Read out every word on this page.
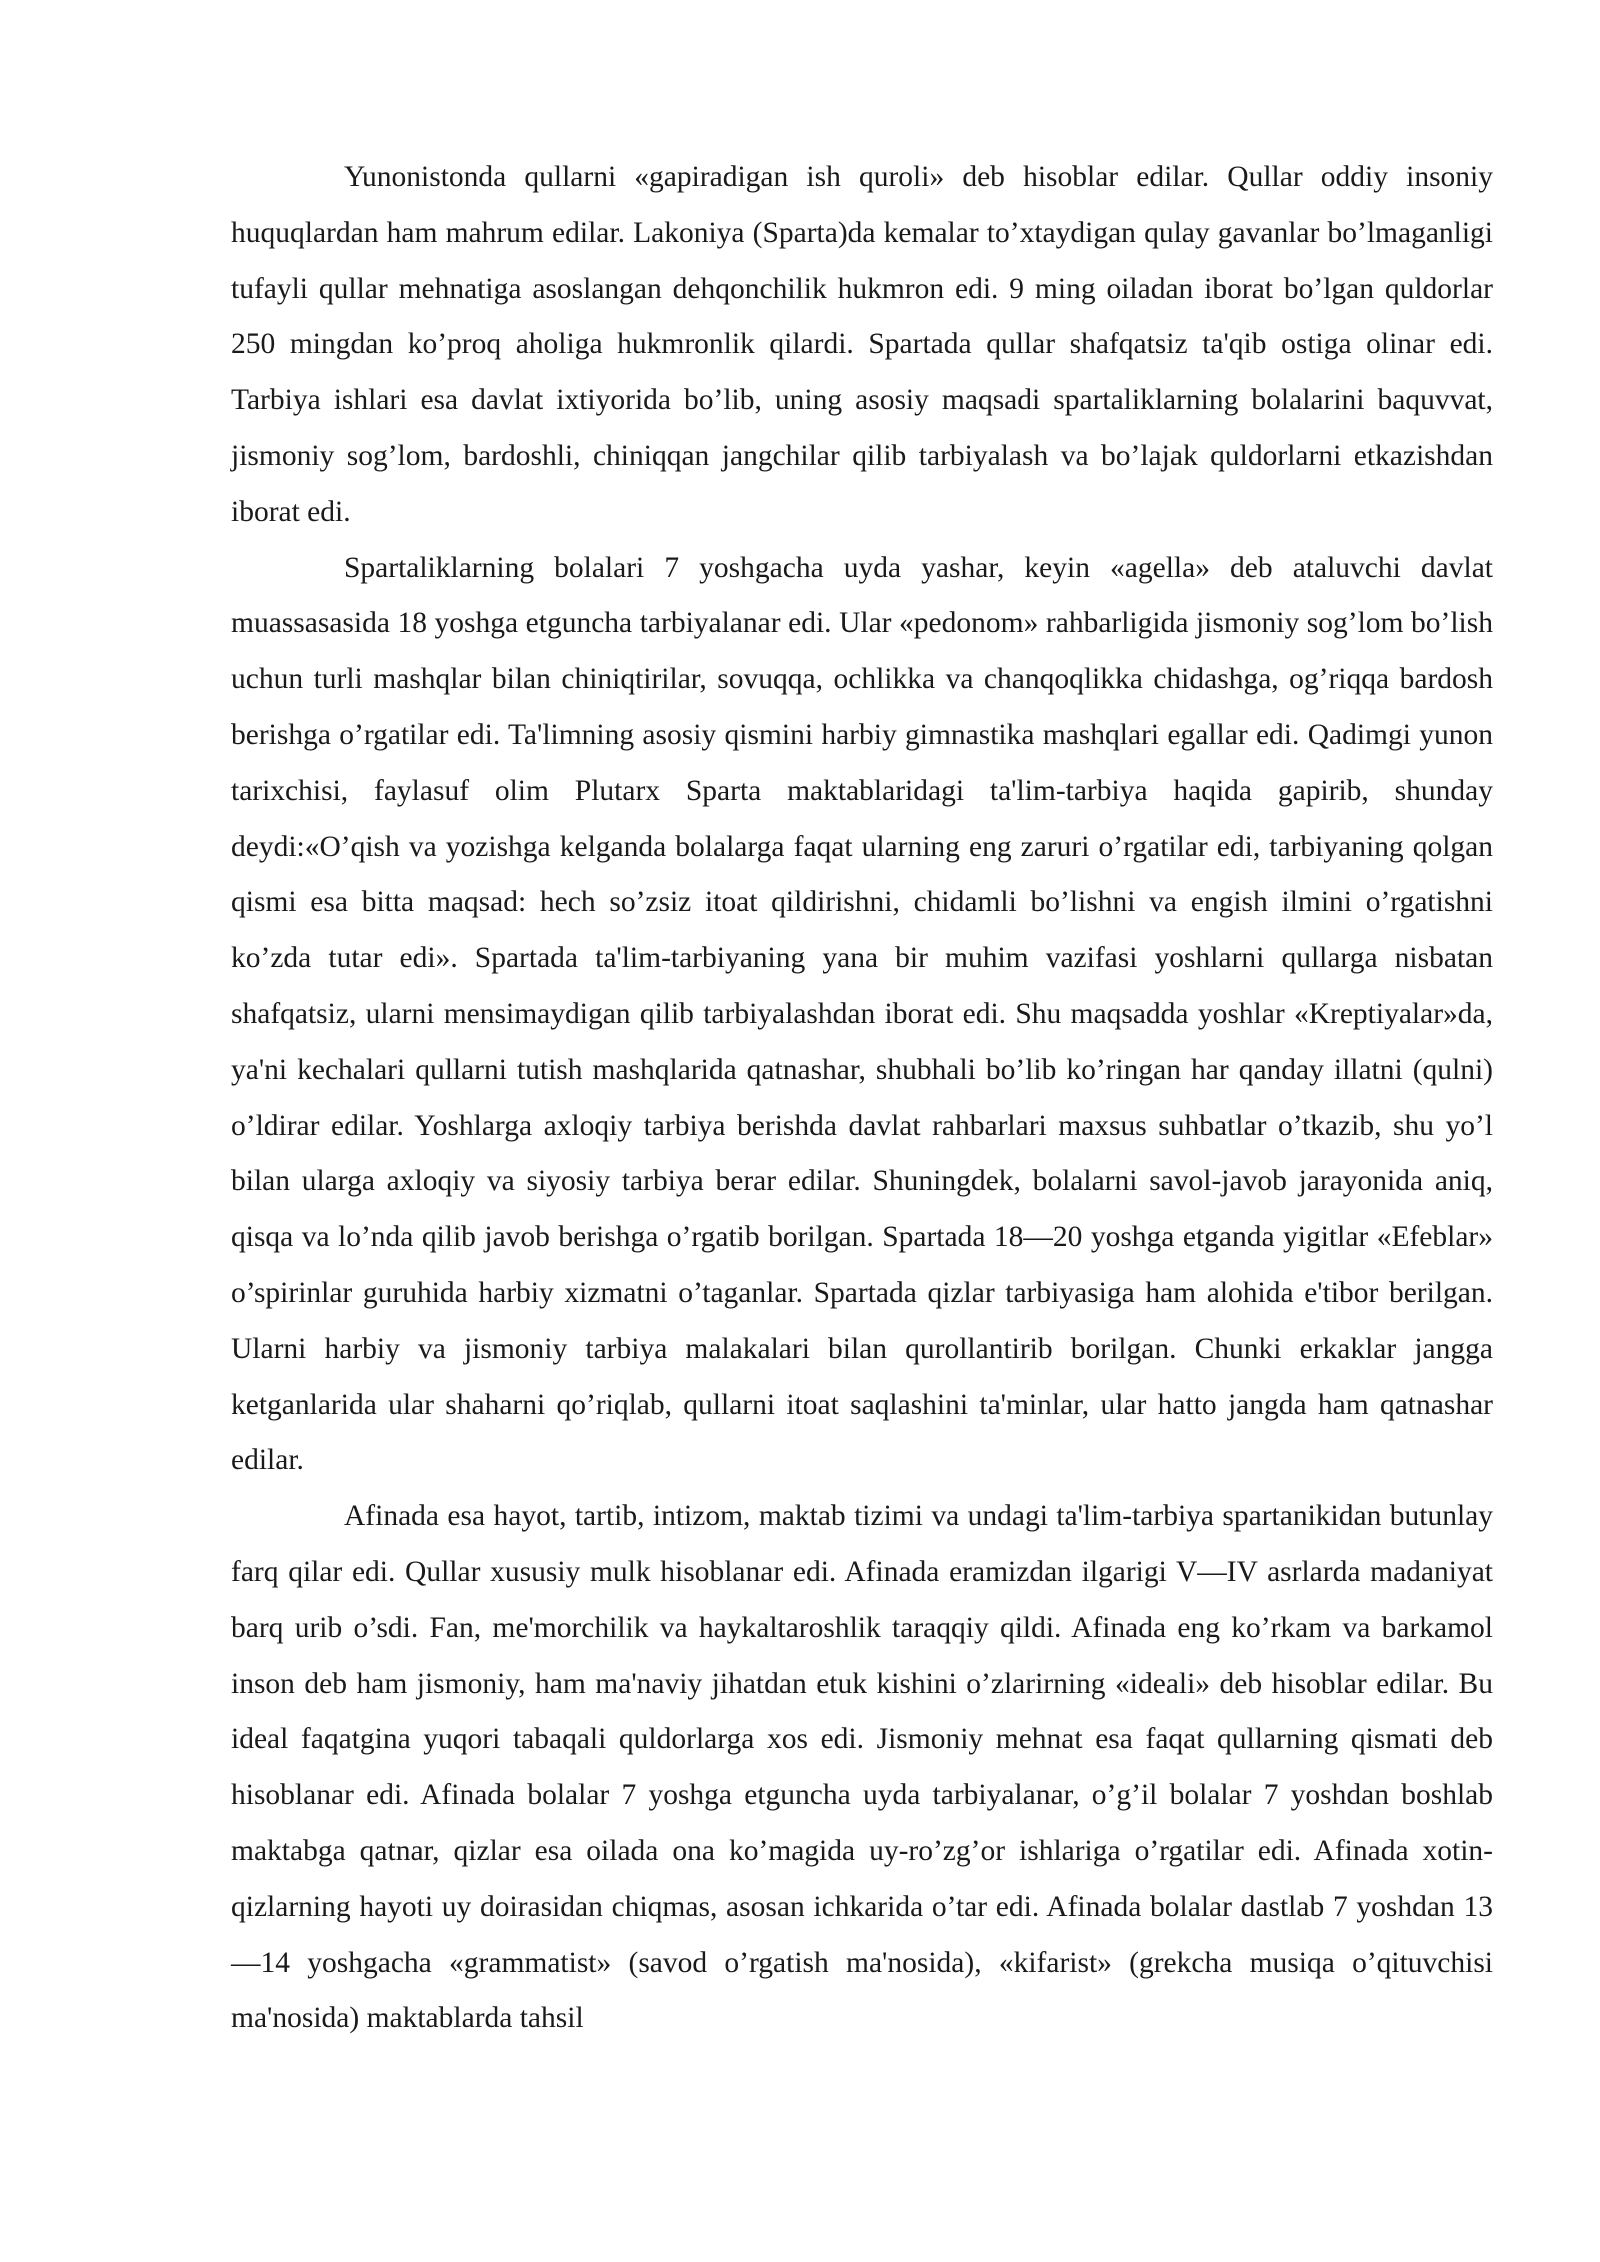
Yunonistonda qullarni «gapiradigan ish quroli» deb hisoblar edilar. Qullar oddiy insoniy huquqlardan ham mahrum edilar. Lakoniya (Sparta)da kemalar to’xtaydigan qulay gavanlar bo’lmaganligi tufayli qullar mehnatiga asoslangan dehqonchilik hukmron edi. 9 ming oiladan iborat bo’lgan quldorlar 250 mingdan ko’proq aholiga hukmronlik qilardi. Spartada qullar shafqatsiz ta'qib ostiga olinar edi. Tarbiya ishlari esa davlat ixtiyorida bo’lib, uning asosiy maqsadi spartaliklarning bolalarini baquvvat, jismoniy sog’lom, bardoshli, chiniqqan jangchilar qilib tarbiyalash va bo’lajak quldorlarni etkazishdan iborat edi.

Spartaliklarning bolalari 7 yoshgacha uyda yashar, keyin «agella» deb ataluvchi davlat muassasasida 18 yoshga etguncha tarbiyalanar edi. Ular «pedonom» rahbarligida jismoniy sog’lom bo’lish uchun turli mashqlar bilan chiniqtirilar, sovuqqa, ochlikka va chanqoqlikka chidashga, og’riqqa bardosh berishga o’rgatilar edi. Ta'limning asosiy qismini harbiy gimnastika mashqlari egallar edi. Qadimgi yunon tarixchisi, faylasuf olim Plutarx Sparta maktablaridagi ta'lim-tarbiya haqida gapirib, shunday deydi:«O’qish va yozishga kelganda bolalarga faqat ularning eng zaruri o’rgatilar edi, tarbiyaning qolgan qismi esa bitta maqsad: hech so’zsiz itoat qildirishni, chidamli bo’lishni va engish ilmini o’rgatishni ko’zda tutar edi». Spartada ta'lim-tarbiyaning yana bir muhim vazifasi yoshlarni qullarga nisbatan shafqatsiz, ularni mensimaydigan qilib tarbiyalashdan iborat edi. Shu maqsadda yoshlar «Kreptiyalar»da, ya'ni kechalari qullarni tutish mashqlarida qatnashar, shubhali bo’lib ko’ringan har qanday illatni (qulni) o’ldirar edilar. Yoshlarga axloqiy tarbiya berishda davlat rahbarlari maxsus suhbatlar o’tkazib, shu yo’l bilan ularga axloqiy va siyosiy tarbiya berar edilar. Shuningdek, bolalarni savol-javob jarayonida aniq, qisqa va lo’nda qilib javob berishga o’rgatib borilgan. Spartada 18—20 yoshga etganda yigitlar «Efeblar» o’spirinlar guruhida harbiy xizmatni o’taganlar. Spartada qizlar tarbiyasiga ham alohida e'tibor berilgan. Ularni harbiy va jismoniy tarbiya malakalari bilan qurollantirib borilgan. Chunki erkaklar jangga ketganlarida ular shaharni qo’riqlab, qullarni itoat saqlashini ta'minlar, ular hatto jangda ham qatnashar edilar.

Afinada esa hayot, tartib, intizom, maktab tizimi va undagi ta'lim-tarbiya spartanikidan butunlay farq qilar edi. Qullar xususiy mulk hisoblanar edi. Afinada eramizdan ilgarigi V—IV asrlarda madaniyat barq urib o’sdi. Fan, me'morchilik va haykaltaroshlik taraqqiy qildi. Afinada eng ko’rkam va barkamol inson deb ham jismoniy, ham ma'naviy jihatdan etuk kishini o’zlarirning «ideali» deb hisoblar edilar. Bu ideal faqatgina yuqori tabaqali quldorlarga xos edi. Jismoniy mehnat esa faqat qullarning qismati deb hisoblanar edi. Afinada bolalar 7 yoshga etguncha uyda tarbiyalanar, o’g’il bolalar 7 yoshdan boshlab maktabga qatnar, qizlar esa oilada ona ko’magida uy-ro’zg’or ishlariga o’rgatilar edi. Afinada xotin-qizlarning hayoti uy doirasidan chiqmas, asosan ichkarida o’tar edi. Afinada bolalar dastlab 7 yoshdan 13—14 yoshgacha «grammatist» (savod o’rgatish ma'nosida), «kifarist» (grekcha musiqa o’qituvchisi ma'nosida) maktablarda tahsil
